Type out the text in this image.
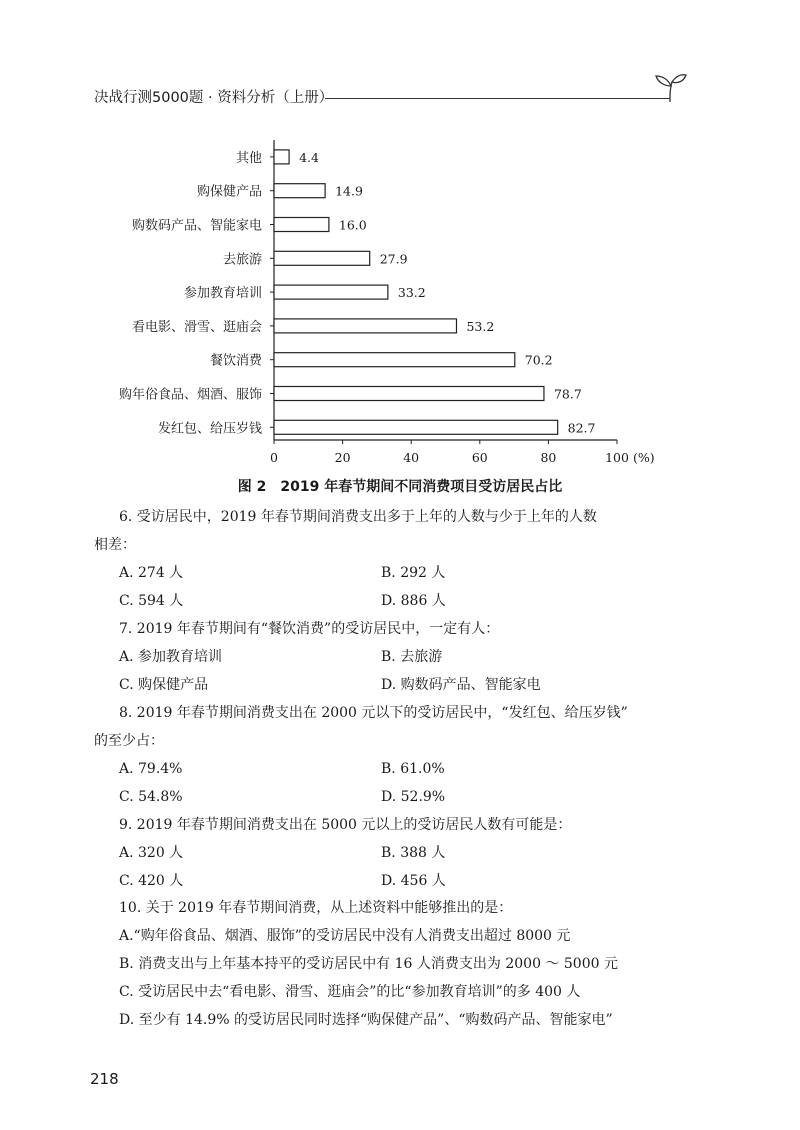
决战行测5000题 · 资料分析（上册）
其他	4.4
购保健产品	14.9
购数码产品、智能家电	16.0
去旅游	27.9
参加教育培训	33.2
看电影、滑雪、逛庙会	53.2
餐饮消费	70.2
购年俗食品、烟酒、服饰	78.7
发红包、给压岁钱	82.7
0	20	40	60	80	100 (%)
图 2　2019 年春节期间不同消费项目受访居民占比
6. 受访居民中，2019 年春节期间消费支出多于上年的人数与少于上年的人数
相差：
A. 274 人	B. 292 人
C. 594 人	D. 886 人
7. 2019 年春节期间有“餐饮消费”的受访居民中，一定有人：
A. 参加教育培训	B. 去旅游
C. 购保健产品	D. 购数码产品、智能家电
8. 2019 年春节期间消费支出在 2000 元以下的受访居民中，“发红包、给压岁钱”
的至少占：
A. 79.4%	B. 61.0%
C. 54.8%	D. 52.9%
9. 2019 年春节期间消费支出在 5000 元以上的受访居民人数有可能是：
A. 320 人	B. 388 人
C. 420 人	D. 456 人
10. 关于 2019 年春节期间消费，从上述资料中能够推出的是：
A.“购年俗食品、烟酒、服饰”的受访居民中没有人消费支出超过 8000 元
B. 消费支出与上年基本持平的受访居民中有 16 人消费支出为 2000 ～ 5000 元
C. 受访居民中去“看电影、滑雪、逛庙会”的比“参加教育培训”的多 400 人
D. 至少有 14.9% 的受访居民同时选择“购保健产品”、“购数码产品、智能家电”
218
